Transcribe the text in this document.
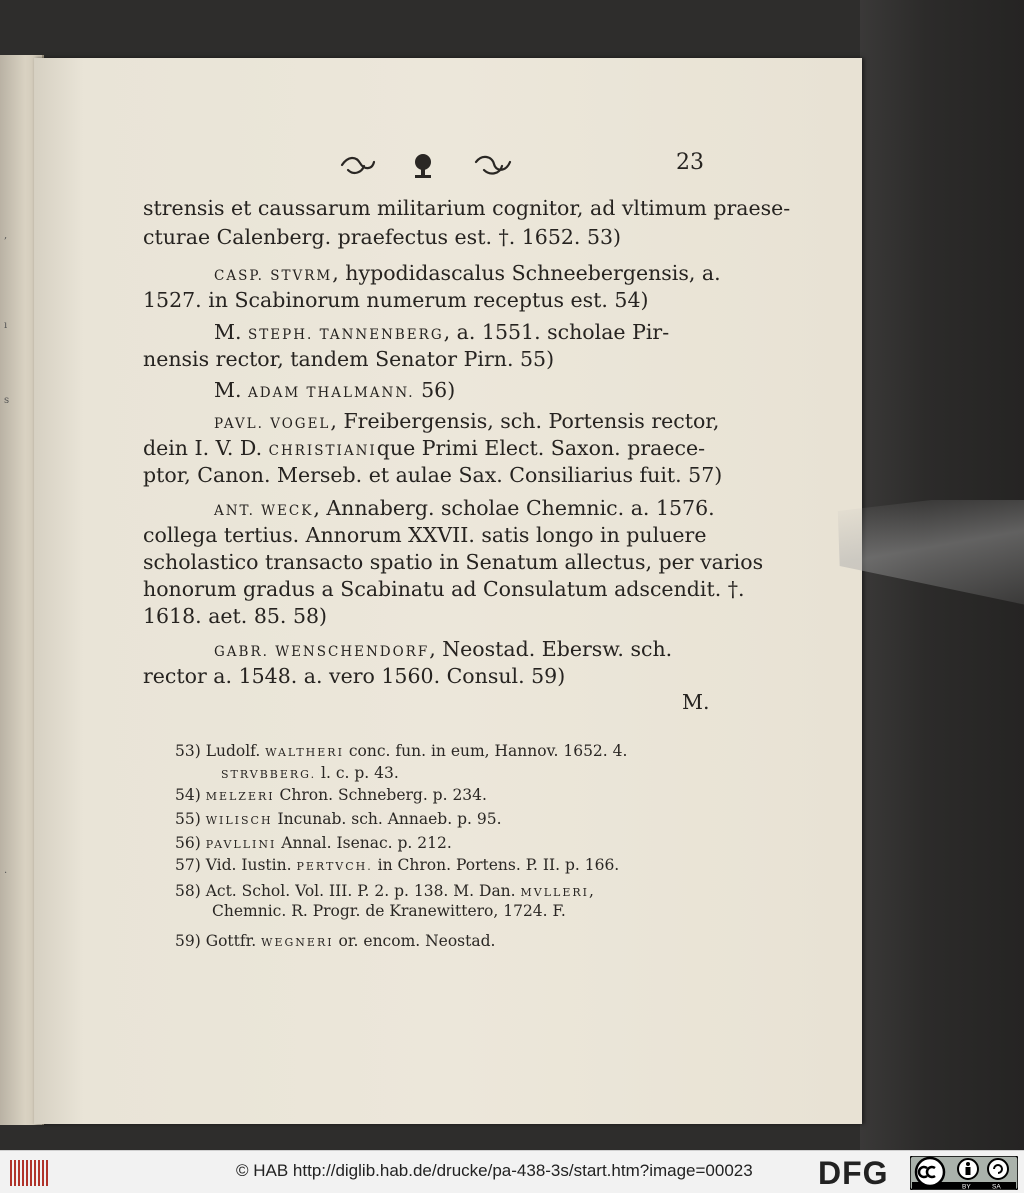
,
ı
s
.
23
strensis et caussarum militarium cognitor, ad vltimum praese-
cturae Calenberg. praefectus est. †. 1652. 53)
CASP. STVRM, hypodidascalus Schneebergensis, a.
1527. in Scabinorum numerum receptus est. 54)
M. STEPH. TANNENBERG, a. 1551. scholae Pir-
nensis rector, tandem Senator Pirn. 55)
M. ADAM THALMANN. 56)
PAVL. VOGEL, Freibergensis, sch. Portensis rector,
dein I. V. D. CHRISTIANIque Primi Elect. Saxon. praece-
ptor, Canon. Merseb. et aulae Sax. Consiliarius fuit. 57)
ANT. WECK, Annaberg. scholae Chemnic. a. 1576.
collega tertius. Annorum XXVII. satis longo in puluere
scholastico transacto spatio in Senatum allectus, per varios
honorum gradus a Scabinatu ad Consulatum adscendit. †.
1618. aet. 85. 58)
GABR. WENSCHENDORF, Neostad. Ebersw. sch.
rector a. 1548. a. vero 1560. Consul. 59)
M.
53) Ludolf. WALTHERI conc. fun. in eum, Hannov. 1652. 4.
STRVBBERG. l. c. p. 43.
54) MELZERI Chron. Schneberg. p. 234.
55) WILISCH Incunab. sch. Annaeb. p. 95.
56) PAVLLINI Annal. Isenac. p. 212.
57) Vid. Iustin. PERTVCH. in Chron. Portens. P. II. p. 166.
58) Act. Schol. Vol. III. P. 2. p. 138. M. Dan. MVLLERI,
Chemnic. R. Progr. de Kranewittero, 1724. F.
59) Gottfr. WEGNERI or. encom. Neostad.
© HAB http://diglib.hab.de/drucke/pa-438-3s/start.htm?image=00023 DFG	BY	SA
